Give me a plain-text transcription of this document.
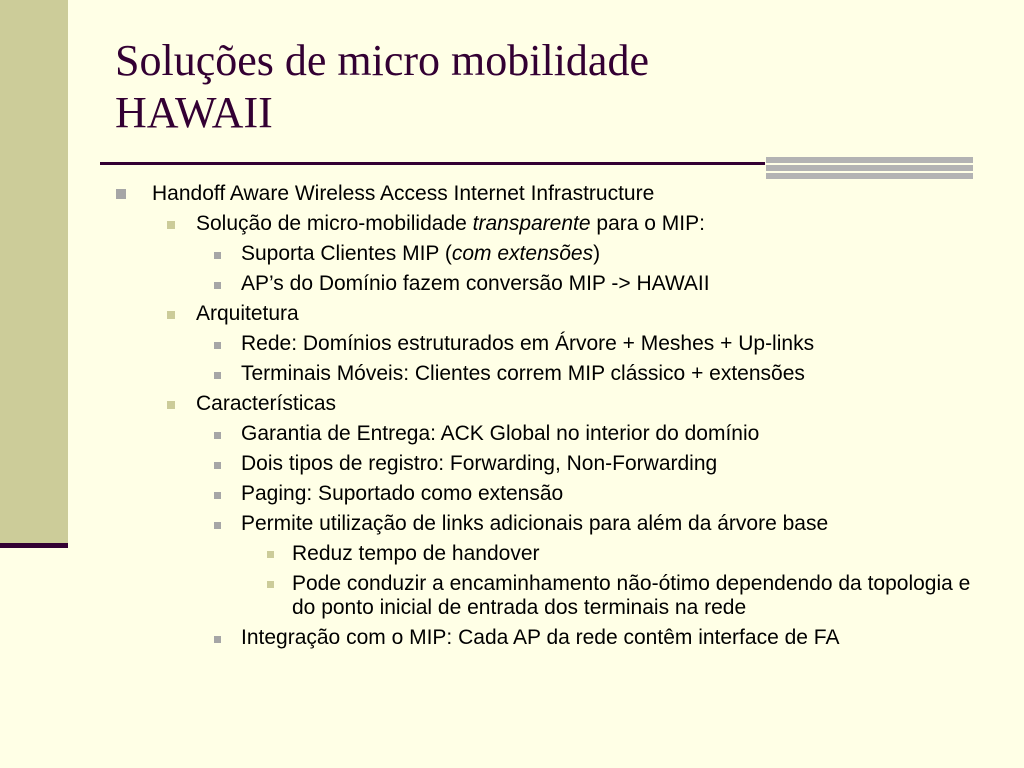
Soluções de micro mobilidade
HAWAII
Handoff Aware Wireless Access Internet Infrastructure
Solução de micro-mobilidade transparente para o MIP:
Suporta Clientes MIP (com extensões)
AP’s do Domínio fazem conversão MIP -> HAWAII
Arquitetura
Rede: Domínios estruturados em Árvore + Meshes + Up-links
Terminais Móveis: Clientes correm MIP clássico + extensões
Características
Garantia de Entrega: ACK Global no interior do domínio
Dois tipos de registro: Forwarding, Non-Forwarding
Paging: Suportado como extensão
Permite utilização de links adicionais para além da árvore base
Reduz tempo de handover
Pode conduzir a encaminhamento não-ótimo dependendo da topologia e do ponto inicial de entrada dos terminais na rede
Integração com o MIP: Cada AP da rede contêm interface de FA
